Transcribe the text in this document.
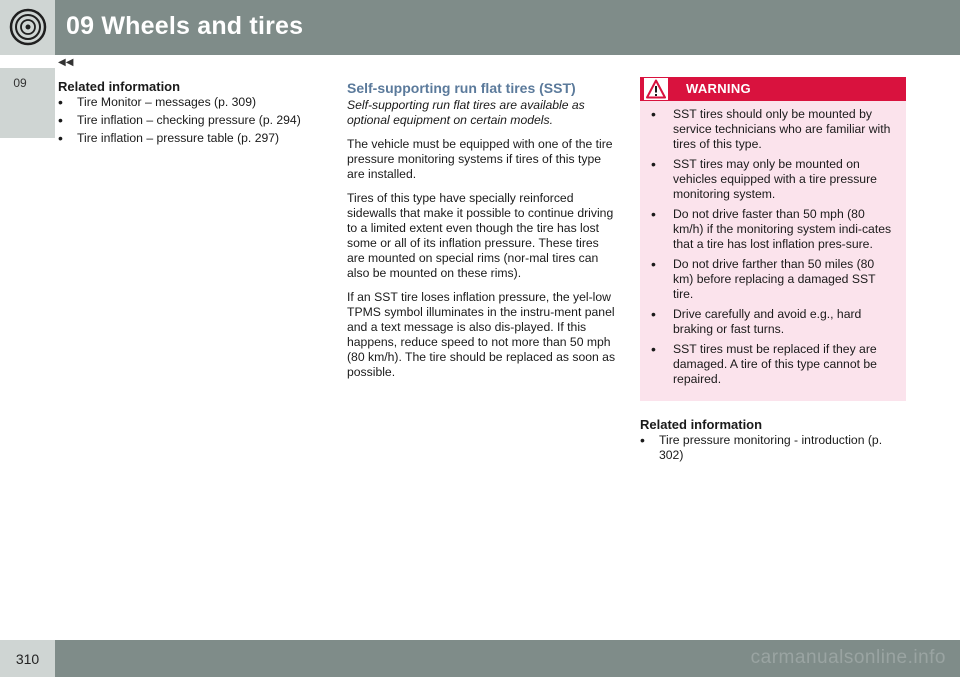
09 Wheels and tires
09
◀◀

Related information

• Tire Monitor – messages (p. 309)
• Tire inflation – checking pressure (p. 294)
• Tire inflation – pressure table (p. 297)

Self-supporting run flat tires (SST)

Self-supporting run flat tires are available as optional equipment on certain models.

The vehicle must be equipped with one of the tire pressure monitoring systems if tires of this type are installed.

Tires of this type have specially reinforced sidewalls that make it possible to continue driving to a limited extent even though the tire has lost some or all of its inflation pressure. These tires are mounted on special rims (nor-mal tires can also be mounted on these rims).

If an SST tire loses inflation pressure, the yel-low TPMS symbol illuminates in the instru-ment panel and a text message is also dis-played. If this happens, reduce speed to not more than 50 mph (80 km/h). The tire should be replaced as soon as possible.

WARNING
• SST tires should only be mounted by service technicians who are familiar with tires of this type.
• SST tires may only be mounted on vehicles equipped with a tire pressure monitoring system.
• Do not drive faster than 50 mph (80 km/h) if the monitoring system indi-cates that a tire has lost inflation pres-sure.
• Do not drive farther than 50 miles (80 km) before replacing a damaged SST tire.
• Drive carefully and avoid e.g., hard braking or fast turns.
• SST tires must be replaced if they are damaged. A tire of this type cannot be repaired.

Related information

• Tire pressure monitoring - introduction (p. 302)
310	carmanualsonline.info
